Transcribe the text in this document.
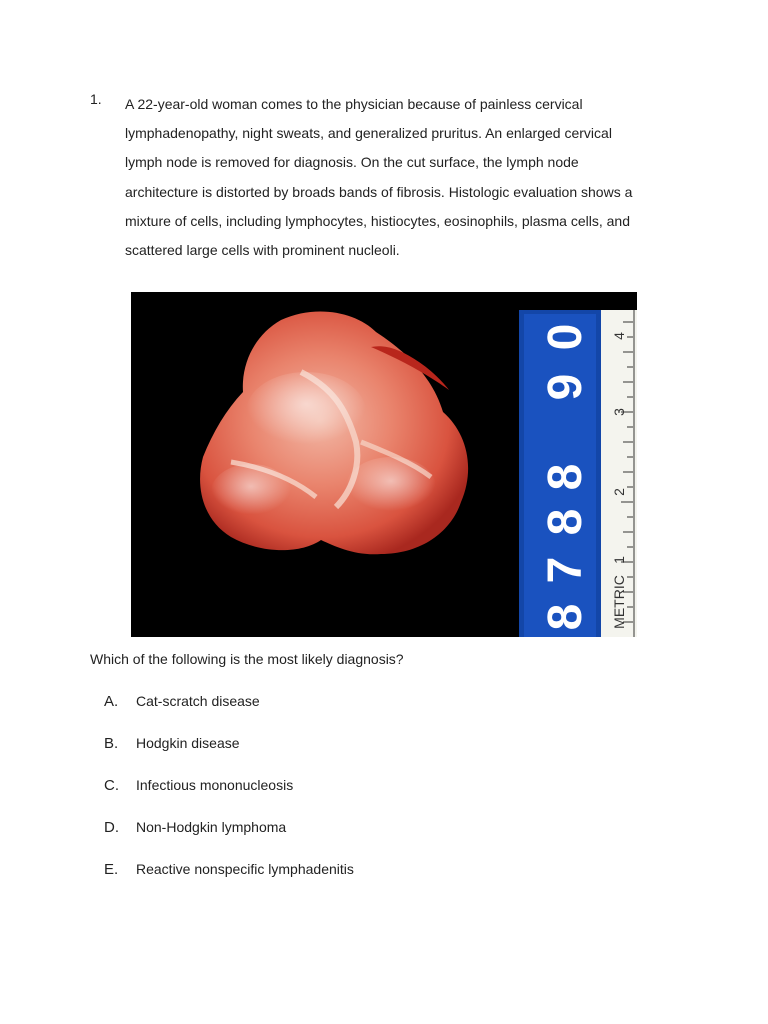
1. A 22-year-old woman comes to the physician because of painless cervical

lymphadenopathy, night sweats, and generalized pruritus. An enlarged cervical

lymph node is removed for diagnosis. On the cut surface, the lymph node

architecture is distorted by broads bands of fibrosis. Histologic evaluation shows a

mixture of cells, including lymphocytes, histiocytes, eosinophils, plasma cells, and

scattered large cells with prominent nucleoli.

0
9
8
8
7
8
4
3
2
1
METRIC
Which of the following is the most likely diagnosis?
A. Cat-scratch disease
B. Hodgkin disease
C. Infectious mononucleosis
D. Non-Hodgkin lymphoma
E. Reactive nonspecific lymphadenitis
